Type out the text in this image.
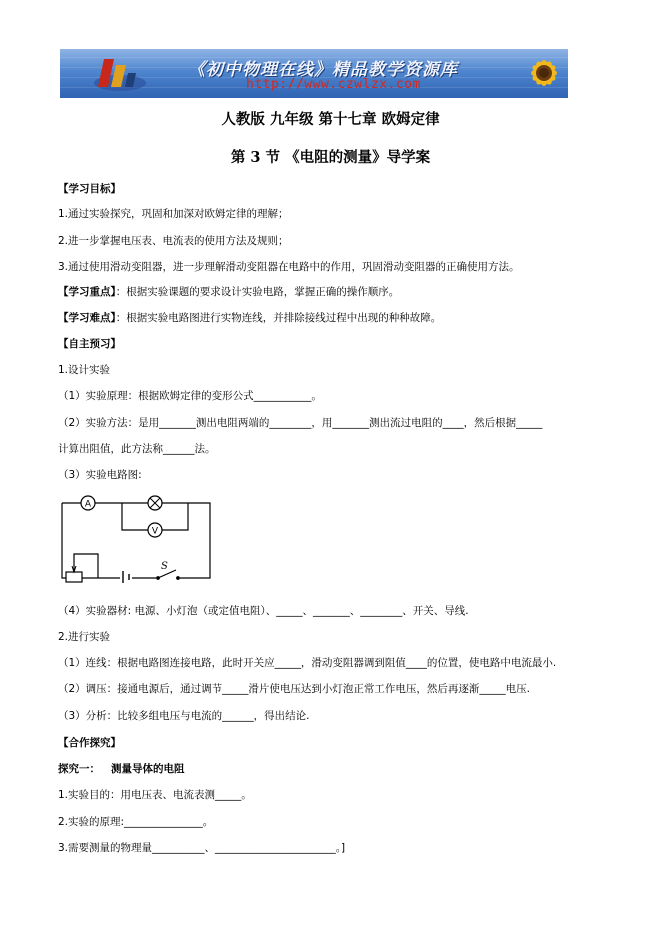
《初中物理在线》精品教学资源库
http://www.czwlzx.com
人教版 九年级 第十七章 欧姆定律
第 3 节 《电阻的测量》导学案
【学习目标】
1.通过实验探究，巩固和加深对欧姆定律的理解；
2.进一步掌握电压表、电流表的使用方法及规则；
3.通过使用滑动变阻器，进一步理解滑动变阻器在电路中的作用，巩固滑动变阻器的正确使用方法。
【学习重点】：根据实验课题的要求设计实验电路，掌握正确的操作顺序。
【学习难点】：根据实验电路图进行实物连线，并排除接线过程中出现的种种故障。
【自主预习】
1.设计实验
（1）实验原理：根据欧姆定律的变形公式___________。
（2）实验方法：是用_______测出电阻两端的________，用_______测出流过电阻的____，然后根据_____
计算出阻值，此方法称______法。
（3）实验电路图:
A
V
S
（4）实验器材: 电源、小灯泡（或定值电阻）、_____、_______、________、开关、导线.
2.进行实验
（1）连线：根据电路图连接电路，此时开关应_____，滑动变阻器调到阻值____的位置，使电路中电流最小.
（2）调压：接通电源后，通过调节_____滑片使电压达到小灯泡正常工作电压，然后再逐渐_____电压.
（3）分析：比较多组电压与电流的______，得出结论.
【合作探究】
探究一： 测量导体的电阻
1.实验目的：用电压表、电流表测_____。
2.实验的原理:_______________。
3.需要测量的物理量__________、_______________________。]
